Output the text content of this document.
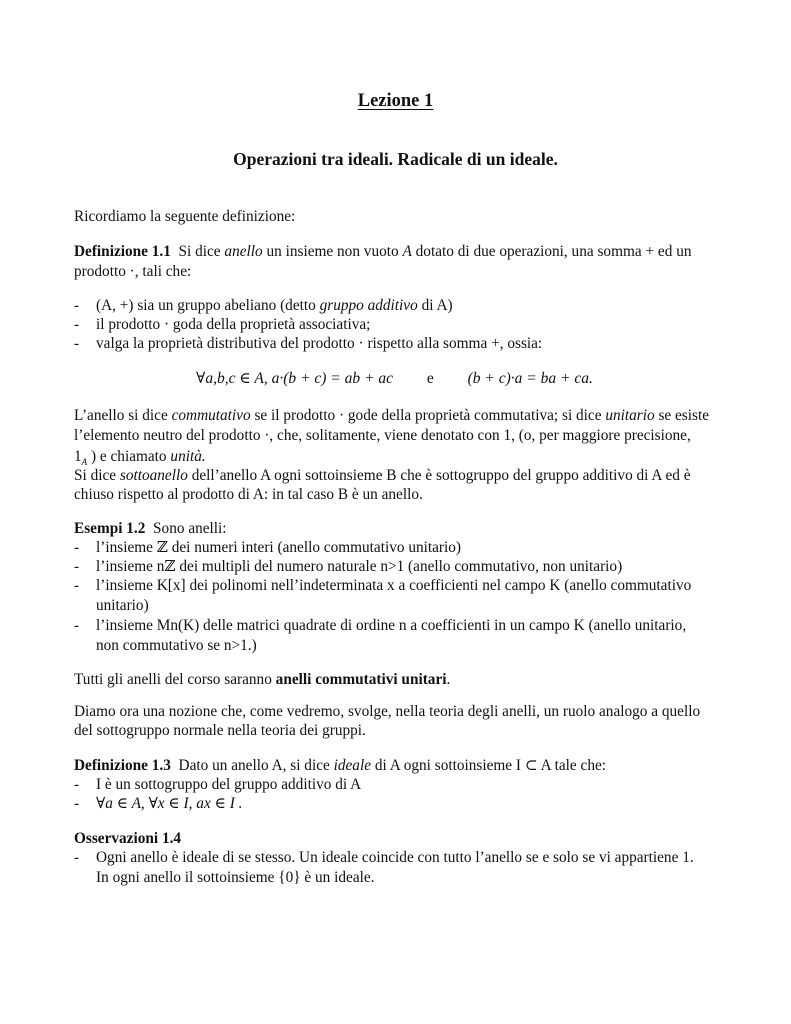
Lezione 1
Operazioni tra ideali. Radicale di un ideale.
Ricordiamo la seguente definizione:
Definizione 1.1 Si dice anello un insieme non vuoto A dotato di due operazioni, una somma + ed un
prodotto ·, tali che:
- (A, +) sia un gruppo abeliano (detto gruppo additivo di A)
- il prodotto · goda della proprietà associativa;
- valga la proprietà distributiva del prodotto · rispetto alla somma +, ossia:
∀a,b,c ∈ A, a·(b + c) = ab + ac e (b + c)·a = ba + ca.
L’anello si dice commutativo se il prodotto · gode della proprietà commutativa; si dice unitario se esiste
l’elemento neutro del prodotto ·, che, solitamente, viene denotato con 1, (o, per maggiore precisione,
$1_A$ ) e chiamato unità.
Si dice sottoanello dell’anello A ogni sottoinsieme B che è sottogruppo del gruppo additivo di A ed è
chiuso rispetto al prodotto di A: in tal caso B è un anello.
Esempi 1.2 Sono anelli:
- l’insieme ℤ dei numeri interi (anello commutativo unitario)
- l’insieme nℤ dei multipli del numero naturale n>1 (anello commutativo, non unitario)
- l’insieme K[x] dei polinomi nell’indeterminata x a coefficienti nel campo K (anello commutativo
unitario)
- l’insieme Mn(K) delle matrici quadrate di ordine n a coefficienti in un campo K (anello unitario,
non commutativo se n>1.)
Tutti gli anelli del corso saranno anelli commutativi unitari.
Diamo ora una nozione che, come vedremo, svolge, nella teoria degli anelli, un ruolo analogo a quello
del sottogruppo normale nella teoria dei gruppi.
Definizione 1.3 Dato un anello A, si dice ideale di A ogni sottoinsieme I ⊂ A tale che:
- I è un sottogruppo del gruppo additivo di A
- ∀a ∈ A, ∀x ∈ I, ax ∈ I .
Osservazioni 1.4
- Ogni anello è ideale di se stesso. Un ideale coincide con tutto l’anello se e solo se vi appartiene 1.
In ogni anello il sottoinsieme {0} è un ideale.
